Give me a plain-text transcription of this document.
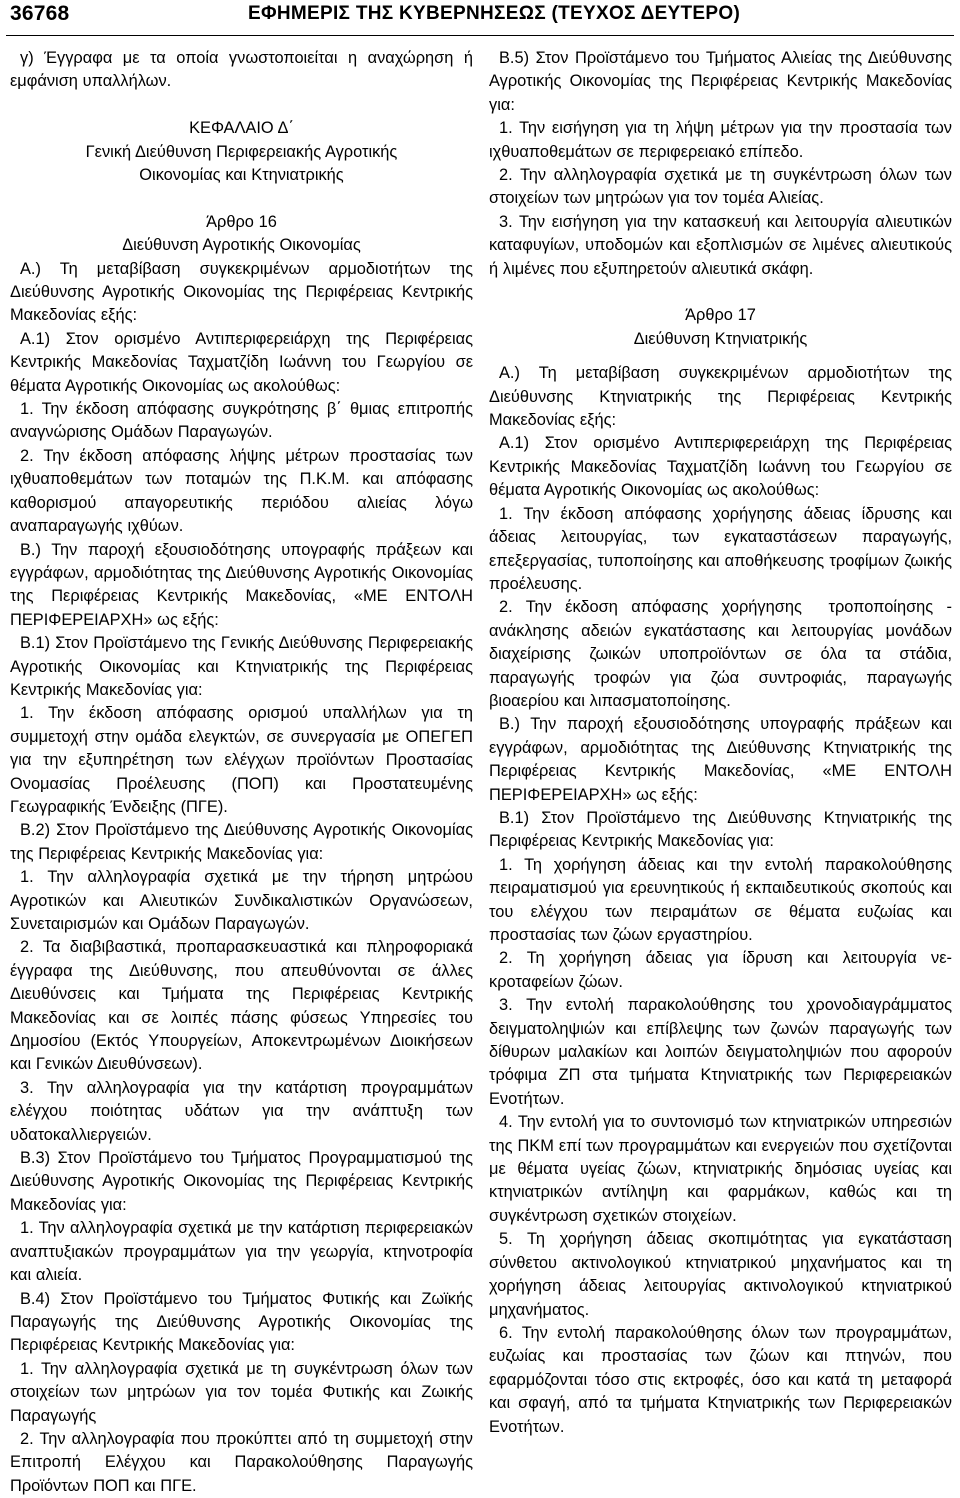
36768	ΕΦΗΜΕΡΙΣ ΤΗΣ ΚΥΒΕΡΝΗΣΕΩΣ (ΤΕΥΧΟΣ ΔΕΥΤΕΡΟ)

γ) Έγγραφα με τα οποία γνωστοποιείται η αναχώρηση ή εμφάνιση υπαλλήλων.

ΚΕΦΑΛΑΙΟ Δ΄

Γενική Διεύθυνση Περιφερειακής Αγροτικής

Οικονομίας και Κτηνιατρικής

Άρθρο 16

Διεύθυνση Αγροτικής Οικονομίας

Α.) Τη μεταβίβαση συγκεκριμένων αρμοδιοτήτων της Διεύθυνσης Αγροτικής Οικονομίας της Περιφέρειας Κεντρικής Μακεδονίας εξής:

Α.1) Στον ορισμένο Αντιπεριφερειάρχη της Περιφέρειας Κεντρικής Μακεδονίας Ταχματζίδη Ιωάννη του Γεωργίου σε θέματα Αγροτικής Οικονομίας ως ακολούθως:

1. Την έκδοση απόφασης συγκρότησης β΄ θμιας επιτροπής αναγνώρισης Ομάδων Παραγωγών.

2. Την έκδοση απόφασης λήψης μέτρων προστασίας των ιχθυαποθεμάτων των ποταμών της Π.Κ.Μ. και απόφασης καθορισμού απαγορευτικής περιόδου αλιείας λόγω αναπαραγωγής ιχθύων.

Β.) Την παροχή εξουσιοδότησης υπογραφής πράξεων και εγγράφων, αρμοδιότητας της Διεύθυνσης Αγροτικής Οικονομίας της Περιφέρειας Κεντρικής Μακεδονίας, «ΜΕ ΕΝΤΟΛΗ ΠΕΡΙΦΕΡΕΙΑΡΧΗ» ως εξής:

Β.1) Στον Προϊστάμενο της Γενικής Διεύθυνσης Περιφερειακής Αγροτικής Οικονομίας και Κτηνιατρικής της Περιφέρειας Κεντρικής Μακεδονίας για:

1. Την έκδοση απόφασης ορισμού υπαλλήλων για τη συμμετοχή στην ομάδα ελεγκτών, σε συνεργασία με ΟΠΕΓΕΠ για την εξυπηρέτηση των ελέγχων προϊόντων Προστασίας Ονομασίας Προέλευσης (ΠΟΠ) και Προστατευμένης Γεωγραφικής Ένδειξης (ΠΓΕ).

Β.2) Στον Προϊστάμενο της Διεύθυνσης Αγροτικής Οικονομίας της Περιφέρειας Κεντρικής Μακεδονίας για:

1. Την αλληλογραφία σχετικά με την τήρηση μητρώου Αγροτικών και Αλιευτικών Συνδικαλιστικών Οργανώσεων, Συνεταιρισμών και Ομάδων Παραγωγών.

2. Τα διαβιβαστικά, προπαρασκευαστικά και πληροφοριακά έγγραφα της Διεύθυνσης, που απευθύνονται σε άλλες Διευθύνσεις και Τμήματα της Περιφέρειας Κεντρικής Μακεδονίας και σε λοιπές πάσης φύσεως Υπηρεσίες του Δημοσίου (Εκτός Υπουργείων, Αποκεντρωμένων Διοικήσεων και Γενικών Διευθύνσεων).

3. Την αλληλογραφία για την κατάρτιση προγραμμάτων ελέγχου ποιότητας υδάτων για την ανάπτυξη των υδατοκαλλιεργειών.

Β.3) Στον Προϊστάμενο του Τμήματος Προγραμματισμού της Διεύθυνσης Αγροτικής Οικονομίας της Περιφέρειας Κεντρικής Μακεδονίας για:

1. Την αλληλογραφία σχετικά με την κατάρτιση περιφερειακών αναπτυξιακών προγραμμάτων για την γεωργία, κτηνοτροφία και αλιεία.

Β.4) Στον Προϊστάμενο του Τμήματος Φυτικής και Ζωϊκής Παραγωγής της Διεύθυνσης Αγροτικής Οικονομίας της Περιφέρειας Κεντρικής Μακεδονίας για:

1. Την αλληλογραφία σχετικά με τη συγκέντρωση όλων των στοιχείων των μητρώων για τον τομέα Φυτικής και Ζωικής Παραγωγής

2. Την αλληλογραφία που προκύπτει από τη συμμετοχή στην Επιτροπή Ελέγχου και Παρακολούθησης Παραγωγής Προϊόντων ΠΟΠ και ΠΓΕ.

Β.5) Στον Προϊστάμενο του Τμήματος Αλιείας της Διεύθυνσης Αγροτικής Οικονομίας της Περιφέρειας Κεντρικής Μακεδονίας για:

1. Την εισήγηση για τη λήψη μέτρων για την προστασία των ιχθυαποθεμάτων σε περιφερειακό επίπεδο.

2. Την αλληλογραφία σχετικά με τη συγκέντρωση όλων των στοιχείων των μητρώων για τον τομέα Αλιείας.

3. Την εισήγηση για την κατασκευή και λειτουργία αλιευτικών καταφυγίων, υποδομών και εξοπλισμών σε λιμένες αλιευτικούς ή λιμένες που εξυπηρετούν αλιευτικά σκάφη.

Άρθρο 17

Διεύθυνση Κτηνιατρικής

Α.) Τη μεταβίβαση συγκεκριμένων αρμοδιοτήτων της Διεύθυνσης Κτηνιατρικής της Περιφέρειας Κεντρικής Μακεδονίας εξής:

Α.1) Στον ορισμένο Αντιπεριφερειάρχη της Περιφέρειας Κεντρικής Μακεδονίας Ταχματζίδη Ιωάννη του Γεωργίου σε θέματα Αγροτικής Οικονομίας ως ακολούθως:

1. Την έκδοση απόφασης χορήγησης άδειας ίδρυσης και άδειας λειτουργίας, των εγκαταστάσεων παραγωγής, επεξεργασίας, τυποποίησης και αποθήκευσης τροφίμων ζωικής προέλευσης.

2. Την έκδοση απόφασης χορήγησης τροποποίησης ανάκλησης αδειών εγκατάστασης και λειτουργίας μονάδων διαχείρισης ζωικών υποπροϊόντων σε όλα τα στάδια, παραγωγής τροφών για ζώα συντροφιάς, παραγωγής βιοαερίου και λιπασματοποίησης.

Β.) Την παροχή εξουσιοδότησης υπογραφής πράξεων και εγγράφων, αρμοδιότητας της Διεύθυνσης Κτηνιατρικής της Περιφέρειας Κεντρικής Μακεδονίας, «ΜΕ ΕΝΤΟΛΗ ΠΕΡΙΦΕΡΕΙΑΡΧΗ» ως εξής:

Β.1) Στον Προϊστάμενο της Διεύθυνσης Κτηνιατρικής της Περιφέρειας Κεντρικής Μακεδονίας για:

1. Τη χορήγηση άδειας και την εντολή παρακολούθησης πειραματισμού για ερευνητικούς ή εκπαιδευτικούς σκοπούς και του ελέγχου των πειραμάτων σε θέματα ευζωίας και προστασίας των ζώων εργαστηρίου.

2. Τη χορήγηση άδειας για ίδρυση και λειτουργία νεκροταφείων ζώων.

3. Την εντολή παρακολούθησης του χρονοδιαγράμματος δειγματοληψιών και επίβλεψης των ζωνών παραγωγής των δίθυρων μαλακίων και λοιπών δειγματοληψιών που αφορούν τρόφιμα ΖΠ στα τμήματα Κτηνιατρικής των Περιφερειακών Ενοτήτων.

4. Την εντολή για το συντονισμό των κτηνιατρικών υπηρεσιών της ΠΚΜ επί των προγραμμάτων και ενεργειών που σχετίζονται με θέματα υγείας ζώων, κτηνιατρικής δημόσιας υγείας και κτηνιατρικών αντίληψη και φαρμάκων, καθώς και τη συγκέντρωση σχετικών στοιχείων.

5. Τη χορήγηση άδειας σκοπιμότητας για εγκατάσταση σύνθετου ακτινολογικού κτηνιατρικού μηχανήματος και τη χορήγηση άδειας λειτουργίας ακτινολογικού κτηνιατρικού μηχανήματος.

6. Την εντολή παρακολούθησης όλων των προγραμμάτων, ευζωίας και προστασίας των ζώων και πτηνών, που εφαρμόζονται τόσο στις εκτροφές, όσο και κατά τη μεταφορά και σφαγή, από τα τμήματα Κτηνιατρικής των Περιφερειακών Ενοτήτων.
